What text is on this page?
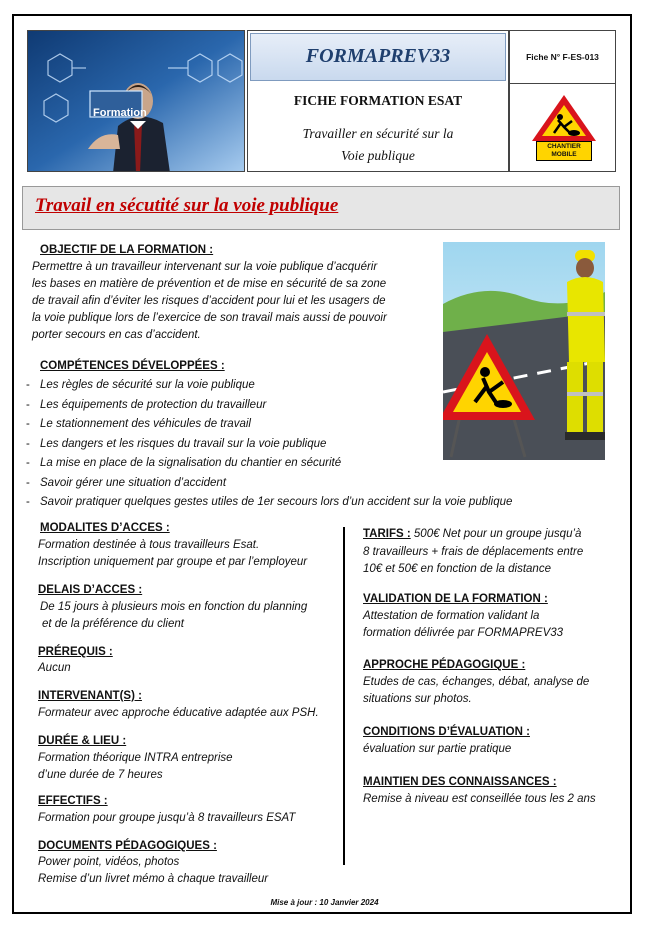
Formation
FORMAPREV33
FICHE FORMATION ESAT
Travailler en sécurité sur la
Voie publique
Fiche N° F-ES-013
CHANTIER
MOBILE
Travail en sécutité sur la voie publique
OBJECTIF DE LA FORMATION :
Permettre à un travailleur intervenant sur la voie publique d’acquérir
les bases en matière de prévention et de mise en sécurité de sa zone
de travail afin d’éviter les risques d’accident pour lui et les usagers de
la voie publique lors de l’exercice de son travail mais aussi de pouvoir
porter secours en cas d’accident.
COMPÉTENCES DÉVELOPPÉES :
- Les règles de sécurité sur la voie publique
- Les équipements de protection du travailleur
- Le stationnement des véhicules de travail
- Les dangers et les risques du travail sur la voie publique
- La mise en place de la signalisation du chantier en sécurité
- Savoir gérer une situation d’accident
- Savoir pratiquer quelques gestes utiles de 1er secours lors d’un accident sur la voie publique
MODALITES D’ACCES :
Formation destinée à tous travailleurs Esat.
Inscription uniquement par groupe et par l’employeur
DELAIS D’ACCES :
De 15 jours à plusieurs mois en fonction du planning
et de la préférence du client
PRÉREQUIS :
Aucun
INTERVENANT(S) :
Formateur avec approche éducative adaptée aux PSH.
DURÉE & LIEU :
Formation théorique INTRA entreprise
d’une durée de 7 heures
EFFECTIFS :
Formation pour groupe jusqu’à 8 travailleurs ESAT
DOCUMENTS PÉDAGOGIQUES :
Power point, vidéos, photos
Remise d’un livret mémo à chaque travailleur
TARIFS : 500€ Net pour un groupe jusqu’à
8 travailleurs + frais de déplacements entre
10€ et 50€ en fonction de la distance
VALIDATION DE LA FORMATION :
Attestation de formation validant la
formation délivrée par FORMAPREV33
APPROCHE PÉDAGOGIQUE :
Etudes de cas, échanges, débat, analyse de
situations sur photos.
CONDITIONS D’ÉVALUATION :
évaluation sur partie pratique
MAINTIEN DES CONNAISSANCES :
Remise à niveau est conseillée tous les 2 ans
Mise à jour : 10 Janvier 2024
